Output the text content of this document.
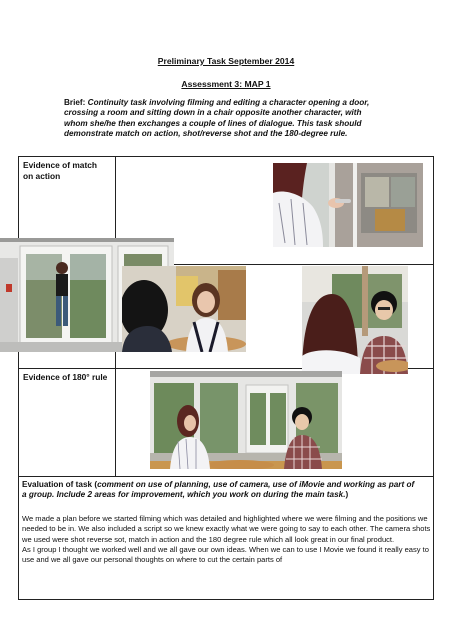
Preliminary Task September 2014
Assessment 3: MAP 1
Brief: Continuity task involving filming and editing a character opening a door, crossing a room and sitting down in a chair opposite another character, with whom she/he then exchanges a couple of lines of dialogue. This task should demonstrate match on action, shot/reverse shot and the 180-degree rule.
Evidence of match on action
Evidence of 180° rule
Evaluation of task (comment on use of planning, use of camera, use of iMovie and working as part of a group. Include 2 areas for improvement, which you work on during the main task.)

We made a plan before we started filming which was detailed and highlighted where we were filming and the positions we needed to be in. We also included a script so we knew exactly what we were going to say to each other. The camera shots we used were shot reverse sot, match in action and the 180 degree rule which all look great in our final product.

As I group I thought we worked well and we all gave our own ideas. When we can to use I Movie we found it really easy to use and we all gave our personal thoughts on where to cut the certain parts of
